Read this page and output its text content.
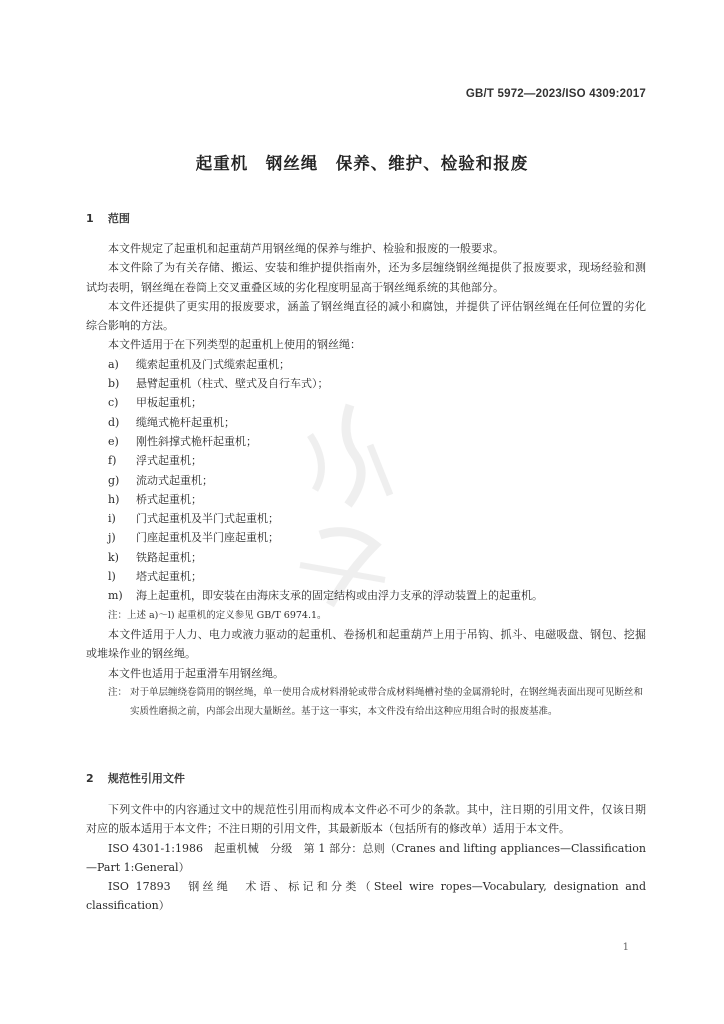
GB/T 5972—2023/ISO 4309:2017
起重机　钢丝绳　保养、维护、检验和报废
1 范围

本文件规定了起重机和起重葫芦用钢丝绳的保养与维护、检验和报废的一般要求。

本文件除了为有关存储、搬运、安装和维护提供指南外，还为多层缠绕钢丝绳提供了报废要求，现场经验和测试均表明，钢丝绳在卷筒上交叉重叠区域的劣化程度明显高于钢丝绳系统的其他部分。

本文件还提供了更实用的报废要求，涵盖了钢丝绳直径的减小和腐蚀，并提供了评估钢丝绳在任何位置的劣化综合影响的方法。

本文件适用于在下列类型的起重机上使用的钢丝绳：

a) 缆索起重机及门式缆索起重机；

b) 悬臂起重机（柱式、壁式及自行车式）；

c) 甲板起重机；

d) 缆绳式桅杆起重机；

e) 刚性斜撑式桅杆起重机；

f) 浮式起重机；

g) 流动式起重机；

h) 桥式起重机；

i) 门式起重机及半门式起重机；

j) 门座起重机及半门座起重机；

k) 铁路起重机；

l) 塔式起重机；

m) 海上起重机，即安装在由海床支承的固定结构或由浮力支承的浮动装置上的起重机。

注：上述 a)～l) 起重机的定义参见 GB/T 6974.1。

本文件适用于人力、电力或液力驱动的起重机、卷扬机和起重葫芦上用于吊钩、抓斗、电磁吸盘、钢包、挖掘或堆垛作业的钢丝绳。

本文件也适用于起重滑车用钢丝绳。

注： 对于单层缠绕卷筒用的钢丝绳，单一使用合成材料滑轮或带合成材料绳槽衬垫的金属滑轮时，在钢丝绳表面出现可见断丝和实质性磨损之前，内部会出现大量断丝。基于这一事实，本文件没有给出这种应用组合时的报废基准。
2 规范性引用文件

下列文件中的内容通过文中的规范性引用而构成本文件必不可少的条款。其中，注日期的引用文件，仅该日期对应的版本适用于本文件；不注日期的引用文件，其最新版本（包括所有的修改单）适用于本文件。

ISO 4301-1:1986　起重机械　分级　第 1 部分：总则（Cranes and lifting appliances—Classification—Part 1:General）

ISO 17893　钢丝绳　术语、标记和分类（Steel wire ropes—Vocabulary, designation and classification）

1
